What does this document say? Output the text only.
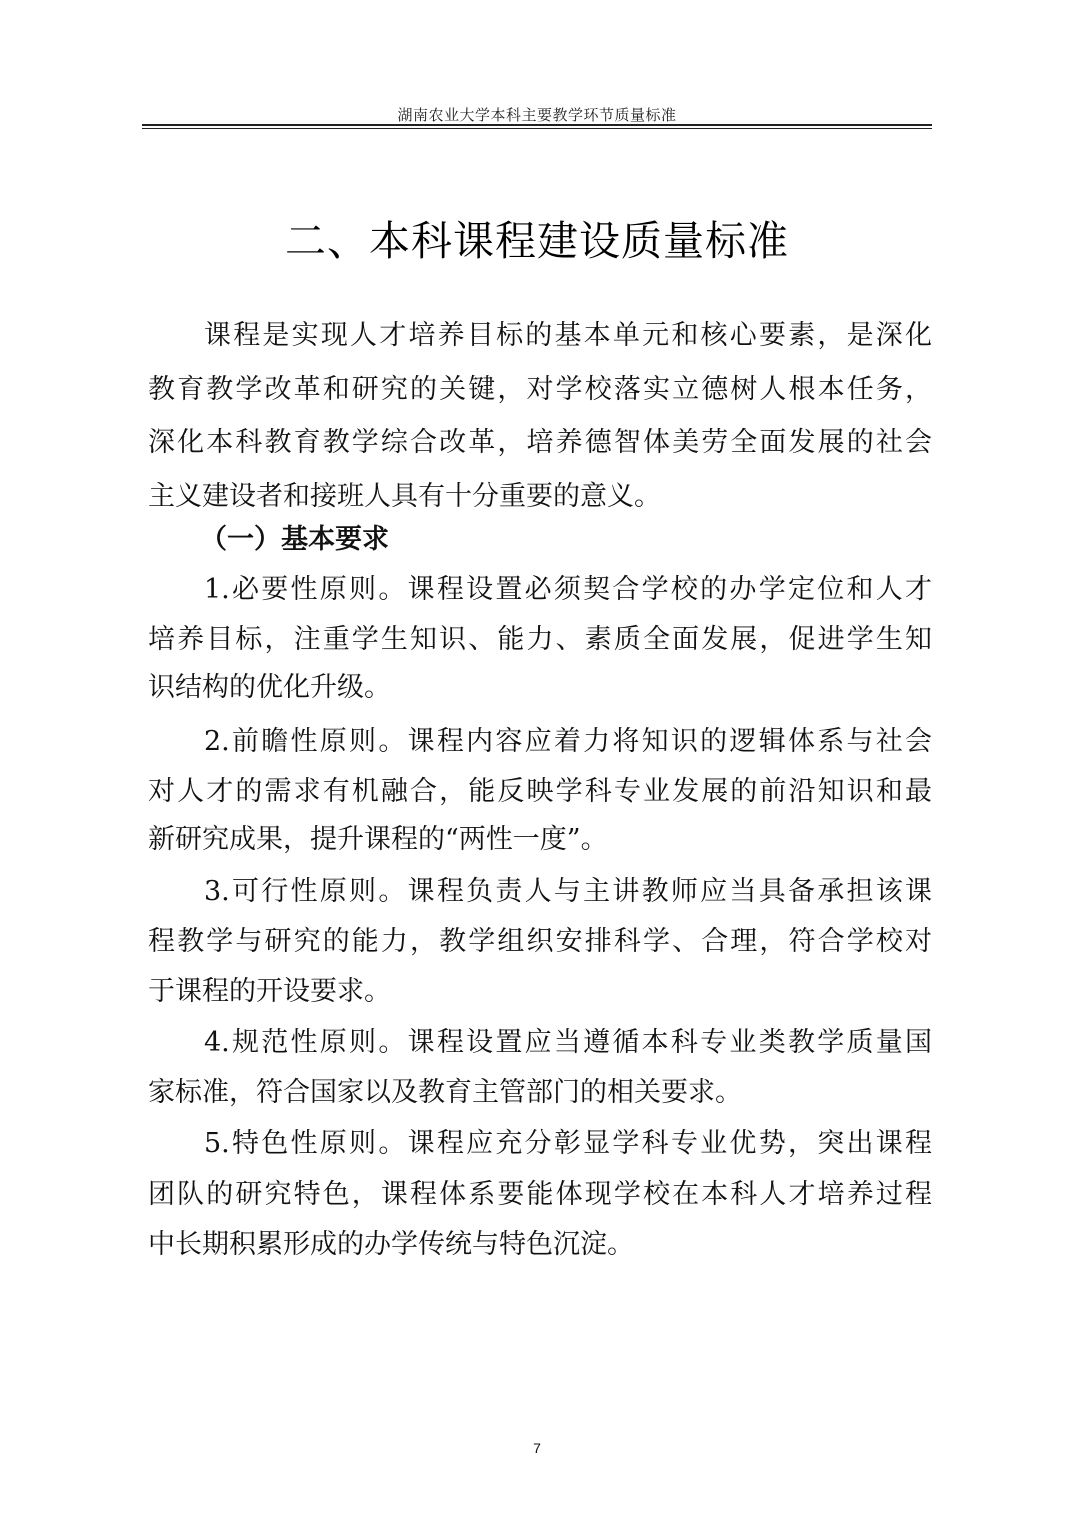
湖南农业大学本科主要教学环节质量标准
二、本科课程建设质量标准
课程是实现人才培养目标的基本单元和核心要素，是深化
教育教学改革和研究的关键，对学校落实立德树人根本任务，
深化本科教育教学综合改革，培养德智体美劳全面发展的社会
主义建设者和接班人具有十分重要的意义。
（一）基本要求
1.必要性原则。课程设置必须契合学校的办学定位和人才
培养目标，注重学生知识、能力、素质全面发展，促进学生知
识结构的优化升级。
2.前瞻性原则。课程内容应着力将知识的逻辑体系与社会
对人才的需求有机融合，能反映学科专业发展的前沿知识和最
新研究成果，提升课程的“两性一度”。
3.可行性原则。课程负责人与主讲教师应当具备承担该课
程教学与研究的能力，教学组织安排科学、合理，符合学校对
于课程的开设要求。
4.规范性原则。课程设置应当遵循本科专业类教学质量国
家标准，符合国家以及教育主管部门的相关要求。
5.特色性原则。课程应充分彰显学科专业优势，突出课程
团队的研究特色，课程体系要能体现学校在本科人才培养过程
中长期积累形成的办学传统与特色沉淀。
7
